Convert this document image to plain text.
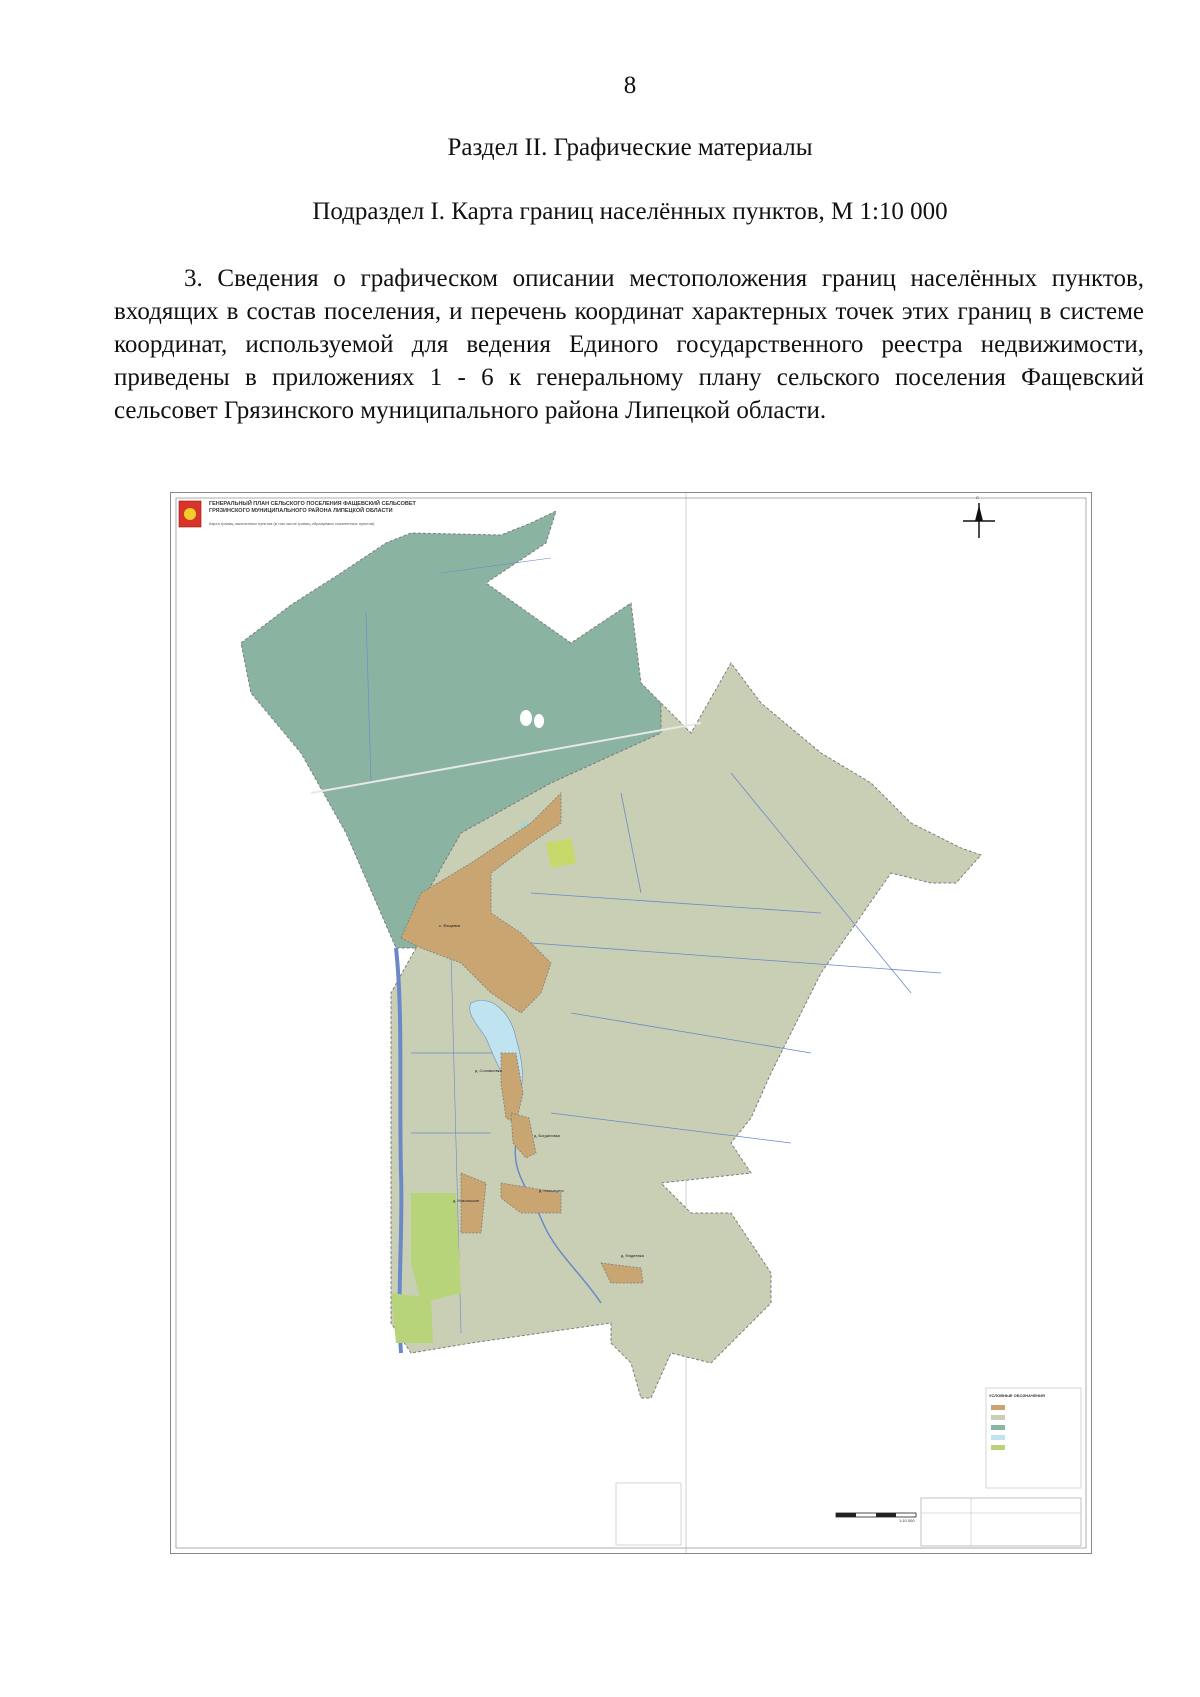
8
Раздел II. Графические материалы
Подраздел I. Карта границ населённых пунктов, М 1:10 000
3. Сведения о графическом описании местоположения границ населённых пунктов, входящих в состав поселения, и перечень координат характерных точек этих границ в системе координат, используемой для ведения Единого государственного реестра недвижимости, приведены в приложениях 1 - 6 к генеральному плану сельского поселения Фащевский сельсовет Грязинского муниципального района Липецкой области.
ГЕНЕРАЛЬНЫЙ ПЛАН СЕЛЬСКОГО ПОСЕЛЕНИЯ ФАЩЕВСКИЙ СЕЛЬСОВЕТ
ГРЯЗИНСКОГО МУНИЦИПАЛЬНОГО РАЙОНА ЛИПЕЦКОЙ ОБЛАСТИ
Карта границ населенных пунктов (в том числе границ образуемых населенных пунктов)
С
с. Фащевка
д. Соловьевка
д. Никольское
д. Богдановка
д. Натальино
д. Фадеевка
УСЛОВНЫЕ ОБОЗНАЧЕНИЯ
1:10 000
